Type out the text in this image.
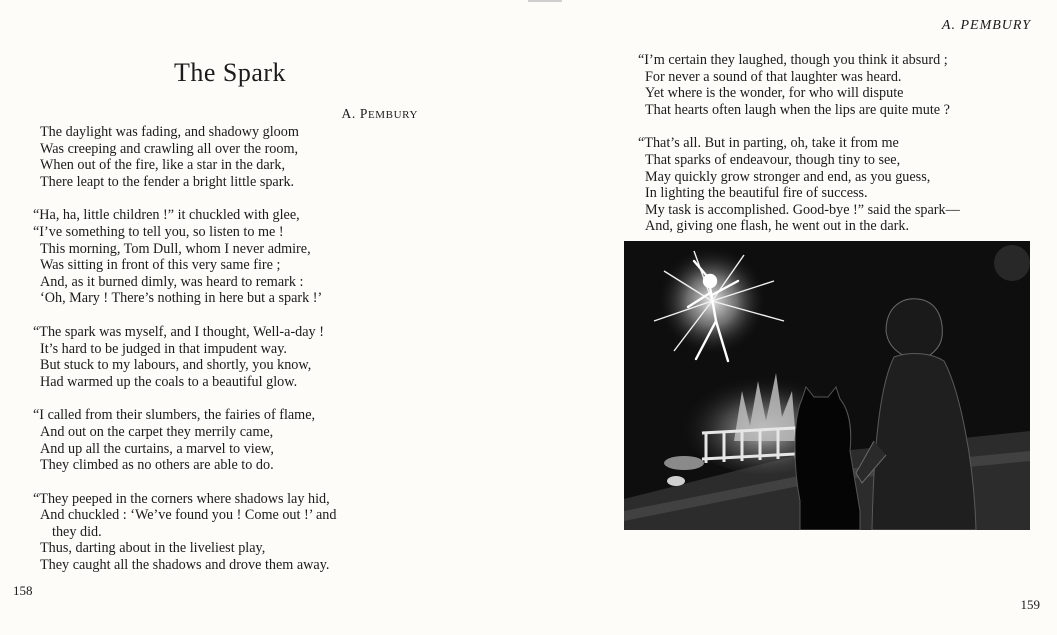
The Spark
A. PEMBURY
The daylight was fading, and shadowy gloom
Was creeping and crawling all over the room,
When out of the fire, like a star in the dark,
There leapt to the fender a bright little spark.
“Ha, ha, little children !” it chuckled with glee,
“I’ve something to tell you, so listen to me !
This morning, Tom Dull, whom I never admire,
Was sitting in front of this very same fire ;
And, as it burned dimly, was heard to remark :
‘Oh, Mary ! There’s nothing in here but a spark !’
“The spark was myself, and I thought, Well-a-day !
It’s hard to be judged in that impudent way.
But stuck to my labours, and shortly, you know,
Had warmed up the coals to a beautiful glow.
“I called from their slumbers, the fairies of flame,
And out on the carpet they merrily came,
And up all the curtains, a marvel to view,
They climbed as no others are able to do.
“They peeped in the corners where shadows lay hid,
And chuckled : ‘We’ve found you ! Come out !’ and
they did.
Thus, darting about in the liveliest play,
They caught all the shadows and drove them away.
158
A. PEMBURY
“I’m certain they laughed, though you think it absurd ;
For never a sound of that laughter was heard.
Yet where is the wonder, for who will dispute
That hearts often laugh when the lips are quite mute ?
“That’s all. But in parting, oh, take it from me
That sparks of endeavour, though tiny to see,
May quickly grow stronger and end, as you guess,
In lighting the beautiful fire of success.
My task is accomplished. Good-bye !” said the spark—
And, giving one flash, he went out in the dark.
159
